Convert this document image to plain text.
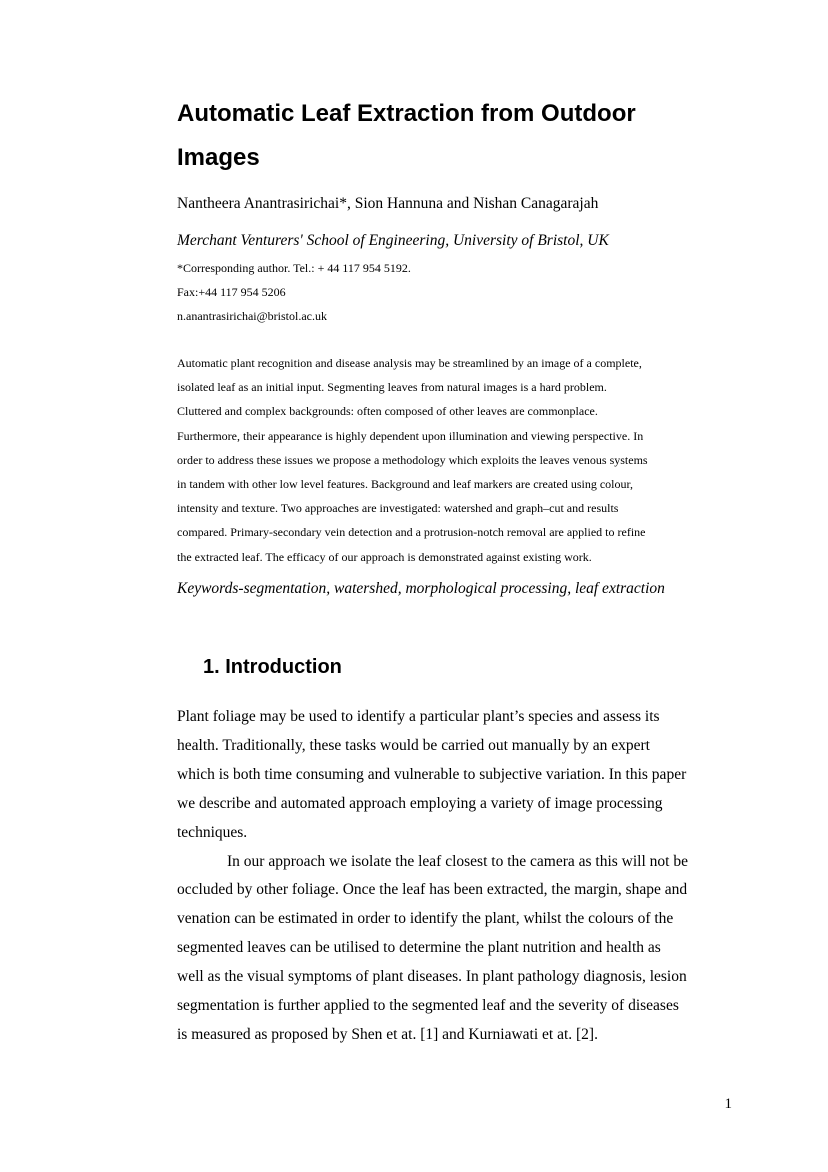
Automatic Leaf Extraction from Outdoor
Images
Nantheera Anantrasirichai*, Sion Hannuna and Nishan Canagarajah
Merchant Venturers' School of Engineering, University of Bristol, UK
*Corresponding author. Tel.: + 44 117 954 5192.
Fax:+44 117 954 5206
n.anantrasirichai@bristol.ac.uk

Automatic plant recognition and disease analysis may be streamlined by an image of a complete,
isolated leaf as an initial input. Segmenting leaves from natural images is a hard problem.
Cluttered and complex backgrounds: often composed of other leaves are commonplace.
Furthermore, their appearance is highly dependent upon illumination and viewing perspective. In
order to address these issues we propose a methodology which exploits the leaves venous systems
in tandem with other low level features. Background and leaf markers are created using colour,
intensity and texture. Two approaches are investigated: watershed and graph–cut and results
compared. Primary-secondary vein detection and a protrusion-notch removal are applied to refine
the extracted leaf. The efficacy of our approach is demonstrated against existing work.

Keywords-segmentation, watershed, morphological processing, leaf extraction
1. Introduction
Plant foliage may be used to identify a particular plant’s species and assess its
health. Traditionally, these tasks would be carried out manually by an expert
which is both time consuming and vulnerable to subjective variation. In this paper
we describe and automated approach employing a variety of image processing
techniques.
In our approach we isolate the leaf closest to the camera as this will not be
occluded by other foliage. Once the leaf has been extracted, the margin, shape and
venation can be estimated in order to identify the plant, whilst the colours of the
segmented leaves can be utilised to determine the plant nutrition and health as
well as the visual symptoms of plant diseases. In plant pathology diagnosis, lesion
segmentation is further applied to the segmented leaf and the severity of diseases
is measured as proposed by Shen et at. [1] and Kurniawati et at. [2].
1
